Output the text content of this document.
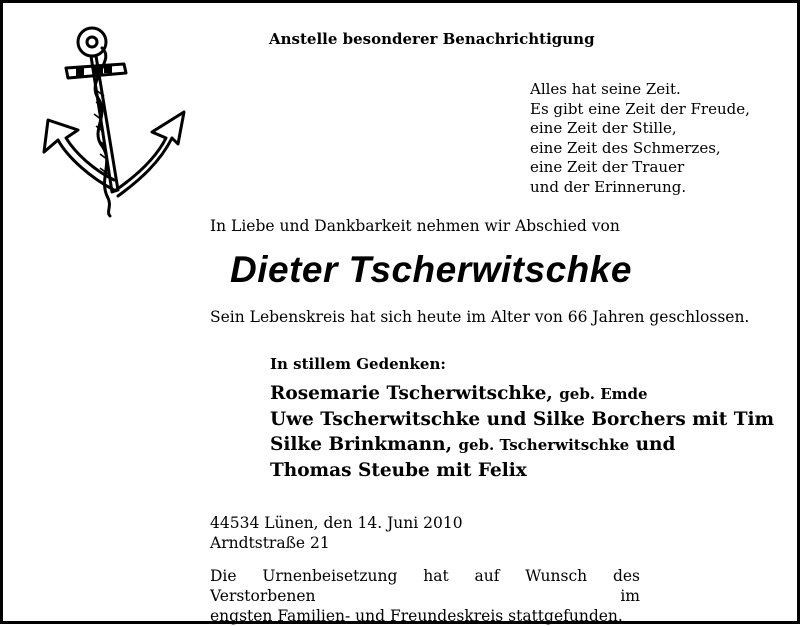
Anstelle besonderer Benachrichtigung
Alles hat seine Zeit.
Es gibt eine Zeit der Freude,
eine Zeit der Stille,
eine Zeit des Schmerzes,
eine Zeit der Trauer
und der Erinnerung.
In Liebe und Dankbarkeit nehmen wir Abschied von
Dieter Tscherwitschke
Sein Lebenskreis hat sich heute im Alter von 66 Jahren geschlossen.
In stillem Gedenken:
Rosemarie Tscherwitschke, geb. Emde
Uwe Tscherwitschke und Silke Borchers mit Tim
Silke Brinkmann, geb. Tscherwitschke und
Thomas Steube mit Felix
44534 Lünen, den 14. Juni 2010
Arndtstraße 21
Die Urnenbeisetzung hat auf Wunsch des Verstorbenen im
engsten Familien- und Freundeskreis stattgefunden.
